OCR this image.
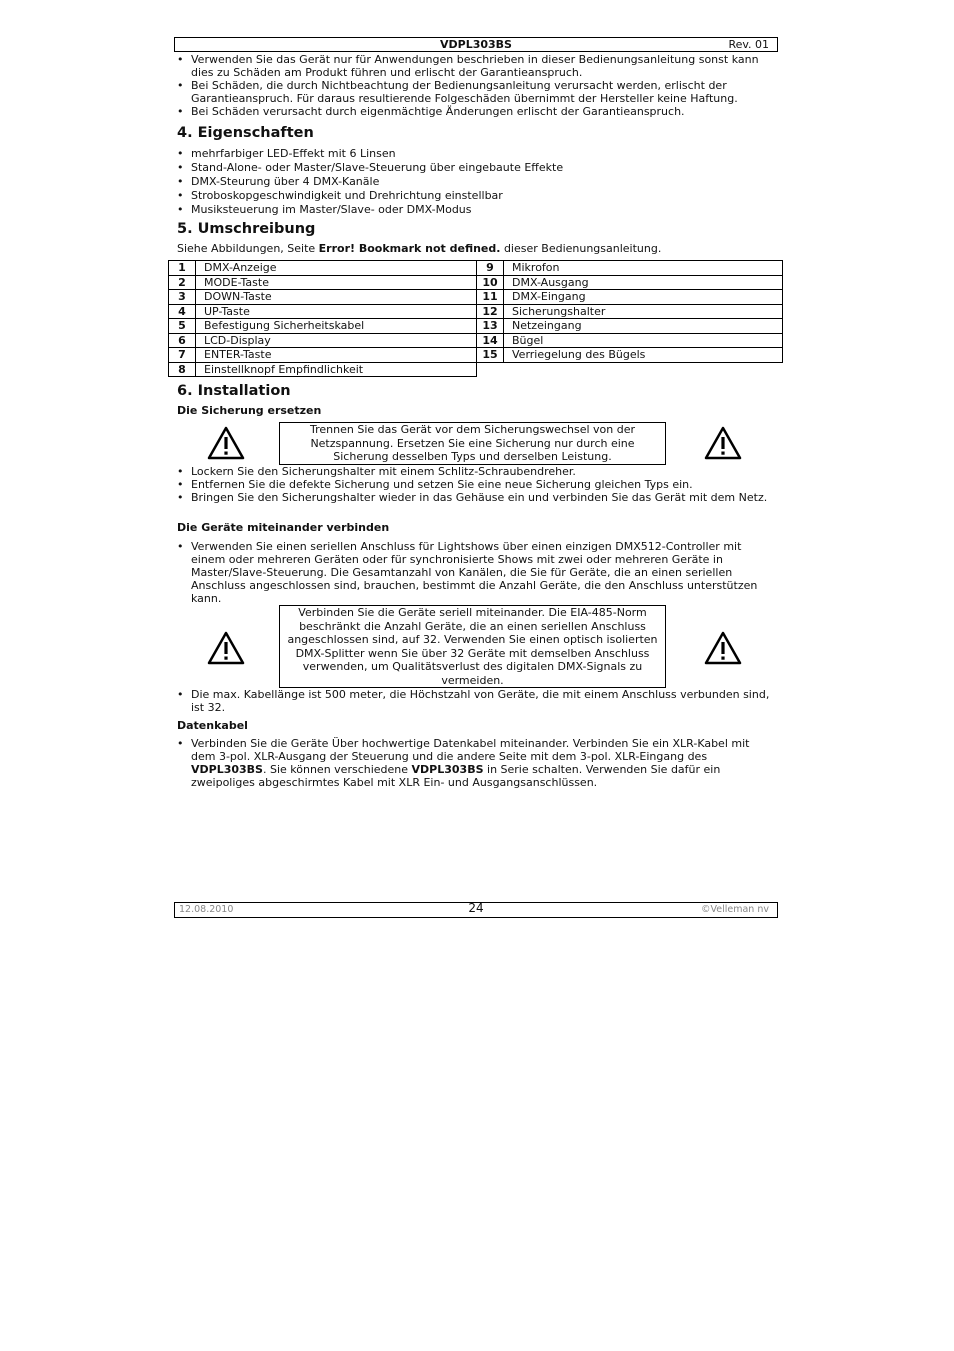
VDPL303BS	Rev. 01
• Verwenden Sie das Gerät nur für Anwendungen beschrieben in dieser Bedienungsanleitung sonst kann dies zu Schäden am Produkt führen und erlischt der Garantieanspruch.
• Bei Schäden, die durch Nichtbeachtung der Bedienungsanleitung verursacht werden, erlischt der Garantieanspruch. Für daraus resultierende Folgeschäden übernimmt der Hersteller keine Haftung.
• Bei Schäden verursacht durch eigenmächtige Änderungen erlischt der Garantieanspruch.
4. Eigenschaften
• mehrfarbiger LED-Effekt mit 6 Linsen
• Stand-Alone- oder Master/Slave-Steuerung über eingebaute Effekte
• DMX-Steurung über 4 DMX-Kanäle
• Stroboskopgeschwindigkeit und Drehrichtung einstellbar
• Musiksteuerung im Master/Slave- oder DMX-Modus
5. Umschreibung

Siehe Abbildungen, Seite Error! Bookmark not defined. dieser Bedienungsanleitung.

1	DMX-Anzeige
2	MODE-Taste
3	DOWN-Taste
4	UP-Taste
5	Befestigung Sicherheitskabel
6	LCD-Display
7	ENTER-Taste
8	Einstellknopf Empfindlichkeit
9	Mikrofon
10	DMX-Ausgang
11	DMX-Eingang
12	Sicherungshalter
13	Netzeingang
14	Bügel
15	Verriegelung des Bügels
6. Installation
Die Sicherung ersetzen
Trennen Sie das Gerät vor dem Sicherungswechsel von der Netzspannung. Ersetzen Sie eine Sicherung nur durch eine Sicherung desselben Typs und derselben Leistung.
• Lockern Sie den Sicherungshalter mit einem Schlitz-Schraubendreher.
• Entfernen Sie die defekte Sicherung und setzen Sie eine neue Sicherung gleichen Typs ein.
• Bringen Sie den Sicherungshalter wieder in das Gehäuse ein und verbinden Sie das Gerät mit dem Netz.
Die Geräte miteinander verbinden
• Verwenden Sie einen seriellen Anschluss für Lightshows über einen einzigen DMX512-Controller mit einem oder mehreren Geräten oder für synchronisierte Shows mit zwei oder mehreren Geräte in Master/Slave-Steuerung. Die Gesamtanzahl von Kanälen, die Sie für Geräte, die an einen seriellen Anschluss angeschlossen sind, brauchen, bestimmt die Anzahl Geräte, die den Anschluss unterstützen kann.
Verbinden Sie die Geräte seriell miteinander. Die EIA-485-Norm beschränkt die Anzahl Geräte, die an einen seriellen Anschluss angeschlossen sind, auf 32. Verwenden Sie einen optisch isolierten DMX-Splitter wenn Sie über 32 Geräte mit demselben Anschluss verwenden, um Qualitätsverlust des digitalen DMX-Signals zu vermeiden.
• Die max. Kabellänge ist 500 meter, die Höchstzahl von Geräte, die mit einem Anschluss verbunden sind, ist 32.
Datenkabel
• Verbinden Sie die Geräte Über hochwertige Datenkabel miteinander. Verbinden Sie ein XLR-Kabel mit dem 3-pol. XLR-Ausgang der Steuerung und die andere Seite mit dem 3-pol. XLR-Eingang des VDPL303BS. Sie können verschiedene VDPL303BS in Serie schalten. Verwenden Sie dafür ein zweipoliges abgeschirmtes Kabel mit XLR Ein- und Ausgangsanschlüssen.
12.08.2010	24	©Velleman nv
